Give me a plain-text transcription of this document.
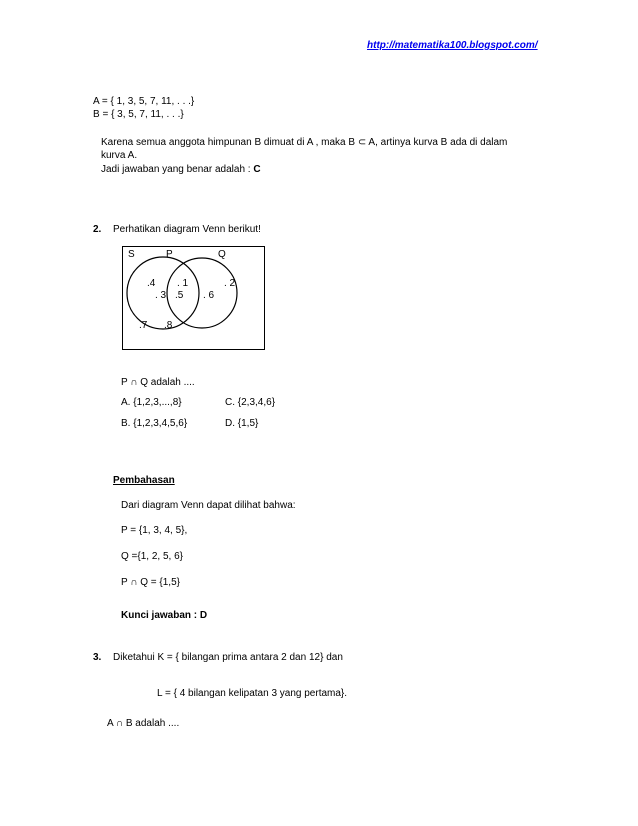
http://matematika100.blogspot.com/
A = { 1, 3, 5, 7, 11, . . .}
B = { 3, 5, 7, 11, . . .}
Karena semua anggota himpunan B dimuat di A , maka B ⊂ A, artinya kurva B ada di dalam
kurva A.
Jadi jawaban yang benar adalah : C
2. Perhatikan diagram Venn berikut!
S	P	Q
.4 . 1	. 2
. 3 .5 . 6
.7 .8
P ∩ Q adalah ....
A. {1,2,3,...,8}	C. {2,3,4,6}
B. {1,2,3,4,5,6}	D. {1,5}
Pembahasan
Dari diagram Venn dapat dilihat bahwa:
P = {1, 3, 4, 5},
Q ={1, 2, 5, 6}
P ∩ Q = {1,5}
Kunci jawaban : D
3. Diketahui K = { bilangan prima antara 2 dan 12} dan
L = { 4 bilangan kelipatan 3 yang pertama}.
A ∩ B adalah ....
